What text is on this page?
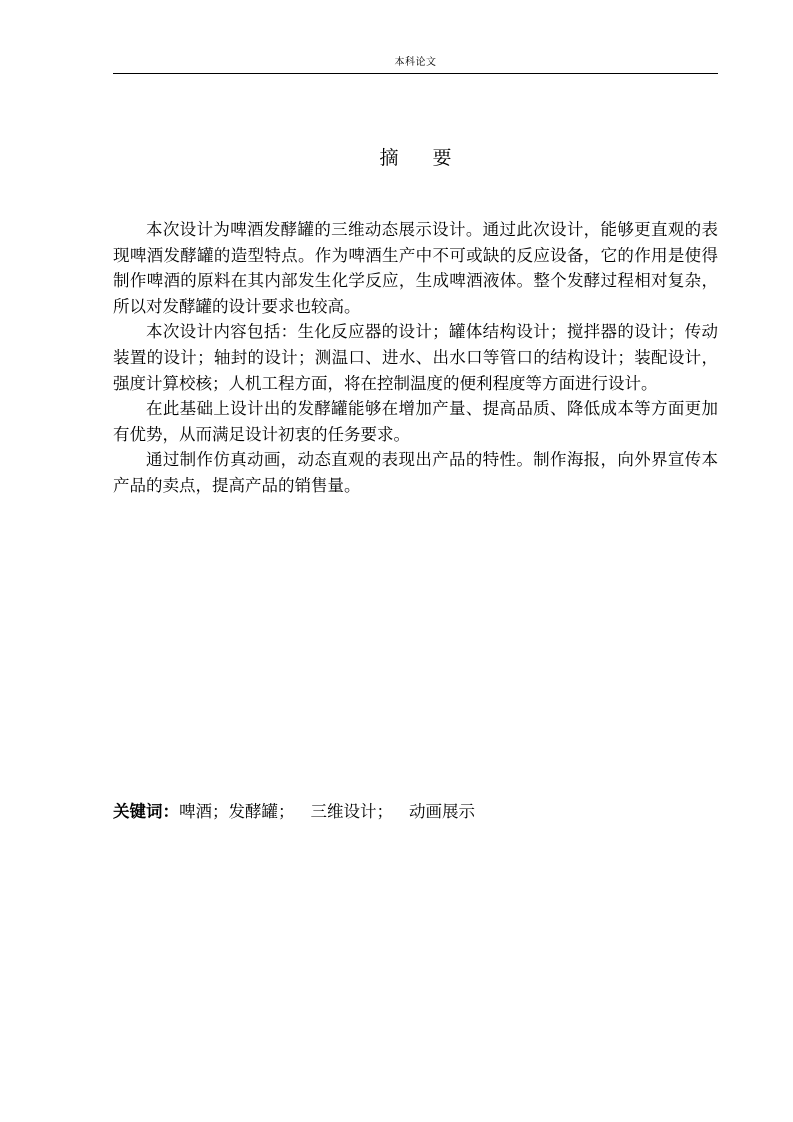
本科论文
摘 要

本次设计为啤酒发酵罐的三维动态展示设计。通过此次设计，能够更直观的表现啤酒发酵罐的造型特点。作为啤酒生产中不可或缺的反应设备，它的作用是使得制作啤酒的原料在其内部发生化学反应，生成啤酒液体。整个发酵过程相对复杂，所以对发酵罐的设计要求也较高。

本次设计内容包括：生化反应器的设计；罐体结构设计；搅拌器的设计；传动装置的设计；轴封的设计；测温口、进水、出水口等管口的结构设计；装配设计，强度计算校核；人机工程方面，将在控制温度的便利程度等方面进行设计。

在此基础上设计出的发酵罐能够在增加产量、提高品质、降低成本等方面更加有优势，从而满足设计初衷的任务要求。

通过制作仿真动画，动态直观的表现出产品的特性。制作海报，向外界宣传本产品的卖点，提高产品的销售量。

关键词：啤酒；发酵罐； 三维设计； 动画展示
